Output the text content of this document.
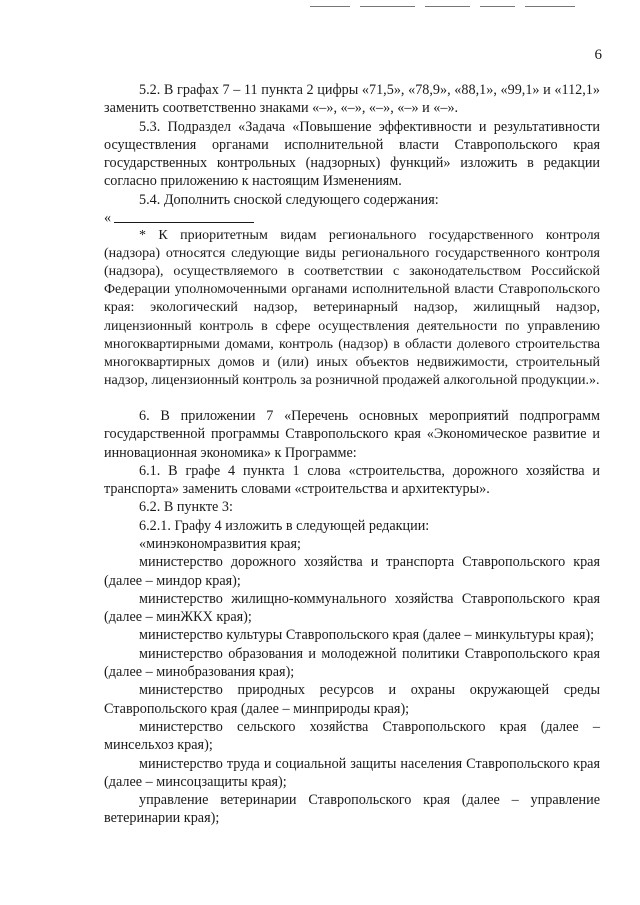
6

5.2. В графах 7 – 11 пункта 2 цифры «71,5», «78,9», «88,1», «99,1» и «112,1» заменить соответственно знаками «–», «–», «–», «–» и «–».

5.3. Подраздел «Задача «Повышение эффективности и результативности осуществления органами исполнительной власти Ставропольского края государственных контрольных (надзорных) функций» изложить в редакции согласно приложению к настоящим Изменениям.

5.4. Дополнить сноской следующего содержания:

«

* К приоритетным видам регионального государственного контроля (надзора) относятся следующие виды регионального государственного контроля (надзора), осуществляемого в соответствии с законодательством Российской Федерации уполномоченными органами исполнительной власти Ставропольского края: экологический надзор, ветеринарный надзор, жилищный надзор, лицензионный контроль в сфере осуществления деятельности по управлению многоквартирными домами, контроль (надзор) в области долевого строительства многоквартирных домов и (или) иных объектов недвижимости, строительный надзор, лицензионный контроль за розничной продажей алкогольной продукции.».

6. В приложении 7 «Перечень основных мероприятий подпрограмм государственной программы Ставропольского края «Экономическое развитие и инновационная экономика» к Программе:

6.1. В графе 4 пункта 1 слова «строительства, дорожного хозяйства и транспорта» заменить словами «строительства и архитектуры».

6.2. В пункте 3:

6.2.1. Графу 4 изложить в следующей редакции:

«минэкономразвития края;

министерство дорожного хозяйства и транспорта Ставропольского края (далее – миндор края);

министерство жилищно-коммунального хозяйства Ставропольского края (далее – минЖКХ края);

министерство культуры Ставропольского края (далее – минкультуры края);

министерство образования и молодежной политики Ставропольского края (далее – минобразования края);

министерство природных ресурсов и охраны окружающей среды Ставропольского края (далее – минприроды края);

министерство сельского хозяйства Ставропольского края (далее – минсельхоз края);

министерство труда и социальной защиты населения Ставропольского края (далее – минсоцзащиты края);

управление ветеринарии Ставропольского края (далее – управление ветеринарии края);
